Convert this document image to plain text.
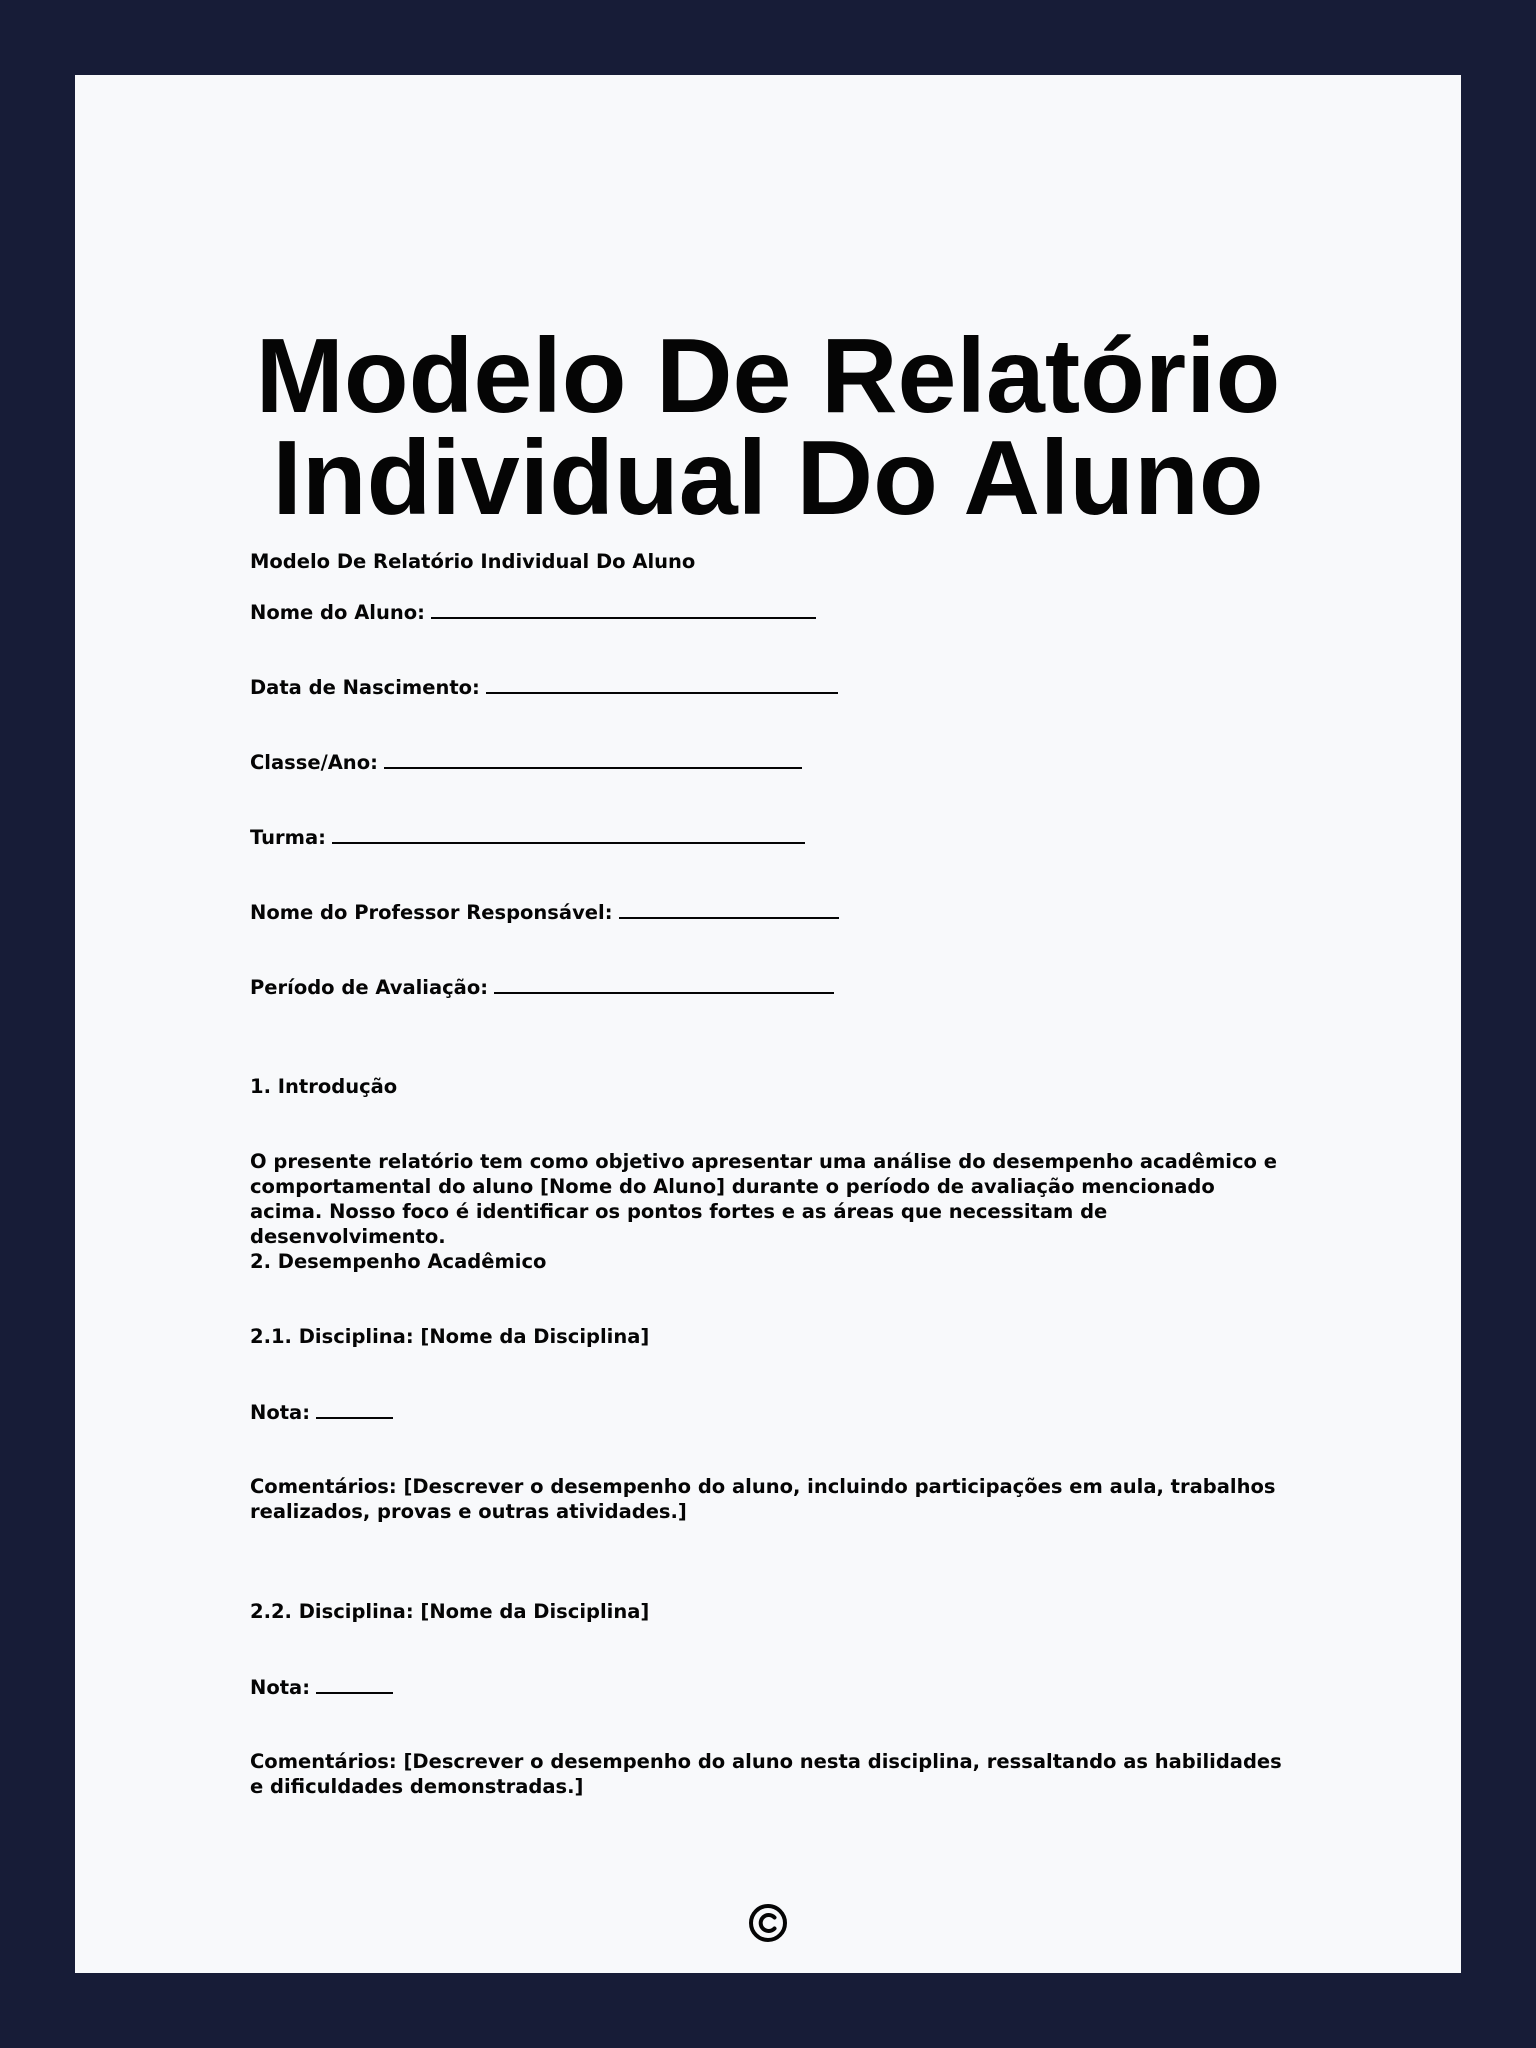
Modelo De Relatório
Individual Do Aluno
Modelo De Relatório Individual Do Aluno
Nome do Aluno:
Data de Nascimento:
Classe/Ano:
Turma:
Nome do Professor Responsável:
Período de Avaliação:
1. Introdução
O presente relatório tem como objetivo apresentar uma análise do desempenho acadêmico e comportamental do aluno [Nome do Aluno] durante o período de avaliação mencionado acima. Nosso foco é identificar os pontos fortes e as áreas que necessitam de desenvolvimento.
2. Desempenho Acadêmico
2.1. Disciplina: [Nome da Disciplina]
Nota:
Comentários: [Descrever o desempenho do aluno, incluindo participações em aula, trabalhos realizados, provas e outras atividades.]
2.2. Disciplina: [Nome da Disciplina]
Nota:
Comentários: [Descrever o desempenho do aluno nesta disciplina, ressaltando as habilidades e dificuldades demonstradas.]
